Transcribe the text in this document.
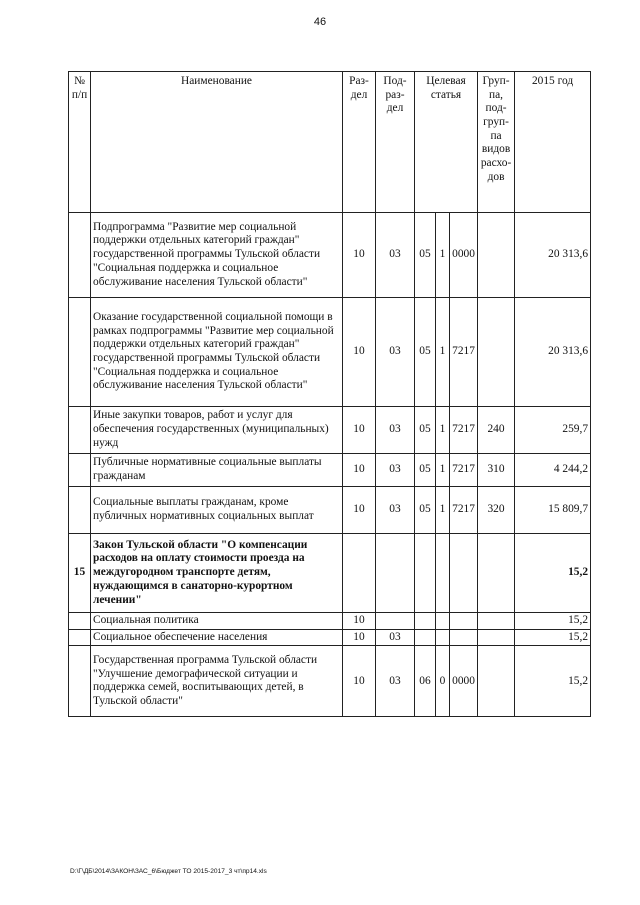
46
№ п/п	Наименование	Раз- дел	Под- раз- дел	Целевая статья			Груп- па, под- груп- па видов расхо- дов	2015 год
	Подпрограмма "Развитие мер социальной поддержки отдельных категорий граждан" государственной программы Тульской области "Социальная поддержка и социальное обслуживание населения Тульской области"	10	03	05	1	0000		20 313,6
	Оказание государственной социальной помощи в рамках подпрограммы "Развитие мер социальной поддержки отдельных категорий граждан" государственной программы Тульской области "Социальная поддержка и социальное обслуживание населения Тульской области"	10	03	05	1	7217		20 313,6
	Иные закупки товаров, работ и услуг для обеспечения государственных (муниципальных) нужд	10	03	05	1	7217	240	259,7
	Публичные нормативные социальные выплаты гражданам	10	03	05	1	7217	310	4 244,2
	Социальные выплаты гражданам, кроме публичных нормативных социальных выплат	10	03	05	1	7217	320	15 809,7
15	Закон Тульской области "О компенсации расходов на оплату стоимости проезда на междугородном транспорте детям, нуждающимся в санаторно-курортном лечении"							15,2
	Социальная политика	10						15,2
	Социальное обеспечение населения	10	03					15,2
	Государственная программа Тульской области "Улучшение демографической ситуации и поддержка семей, воспитывающих детей, в Тульской области"	10	03	06	0	0000		15,2
D:\Г\ДБ\2014\ЗАКОН\ЗАС_6\Бюджет ТО 2015-2017_3 чт\пр14.xls
